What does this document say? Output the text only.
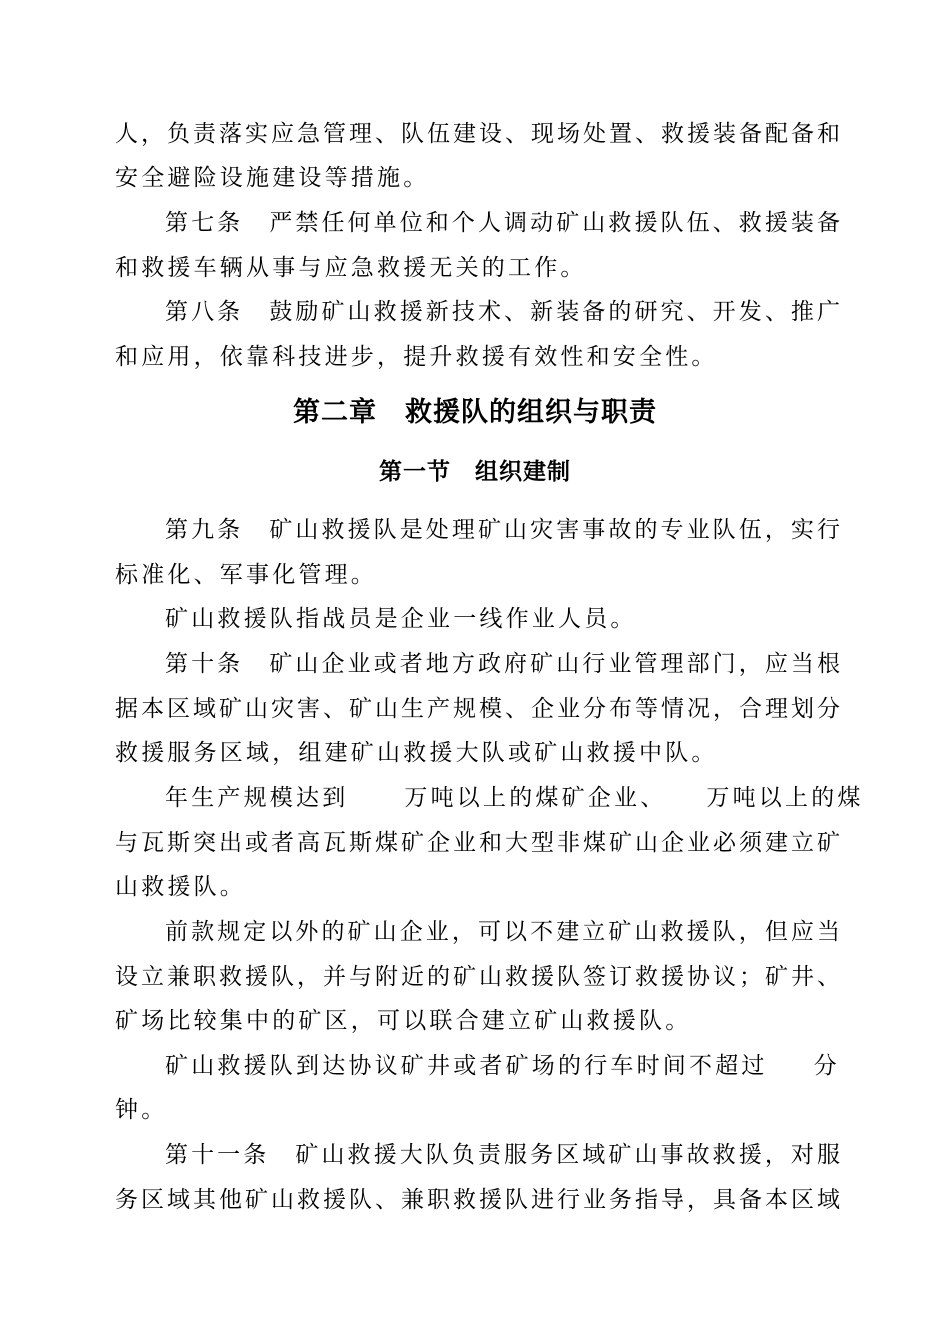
人，负责落实应急管理、队伍建设、现场处置、救援装备配备和
安全避险设施建设等措施。
第七条　严禁任何单位和个人调动矿山救援队伍、救援装备
和救援车辆从事与应急救援无关的工作。
第八条　鼓励矿山救援新技术、新装备的研究、开发、推广
和应用，依靠科技进步，提升救援有效性和安全性。
第二章　救援队的组织与职责
第一节　组织建制
第九条　矿山救援队是处理矿山灾害事故的专业队伍，实行
标准化、军事化管理。
矿山救援队指战员是企业一线作业人员。
第十条　矿山企业或者地方政府矿山行业管理部门，应当根
据本区域矿山灾害、矿山生产规模、企业分布等情况，合理划分
救援服务区域，组建矿山救援大队或矿山救援中队。
年生产规模达到 万吨以上的煤矿企业、 万吨以上的煤
与瓦斯突出或者高瓦斯煤矿企业和大型非煤矿山企业必须建立矿
山救援队。
前款规定以外的矿山企业，可以不建立矿山救援队，但应当
设立兼职救援队，并与附近的矿山救援队签订救援协议；矿井、
矿场比较集中的矿区，可以联合建立矿山救援队。
矿山救援队到达协议矿井或者矿场的行车时间不超过 分
钟。
第十一条　矿山救援大队负责服务区域矿山事故救援，对服
务区域其他矿山救援队、兼职救援队进行业务指导，具备本区域
